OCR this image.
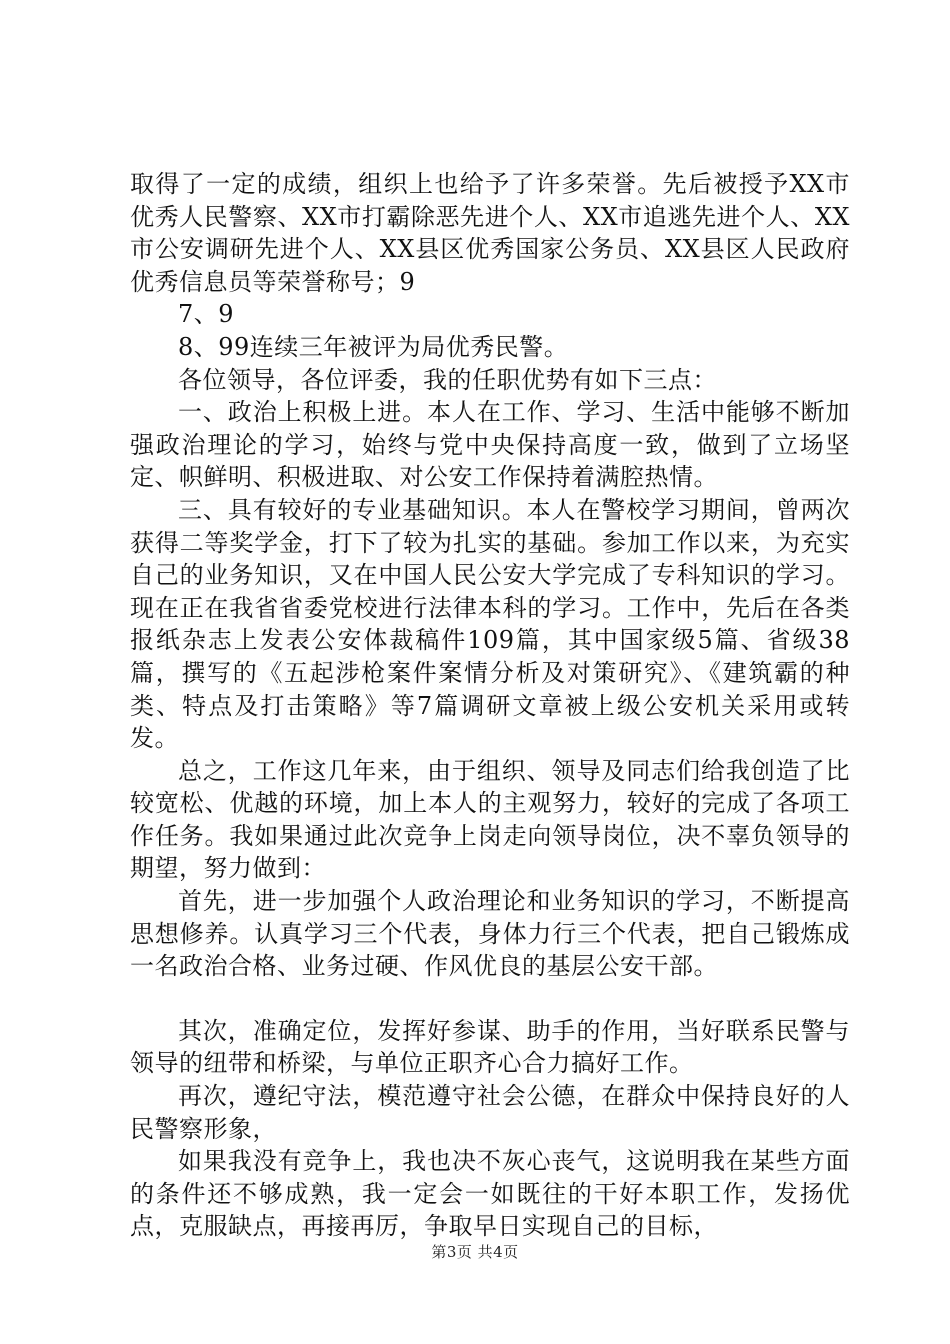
取得了一定的成绩，组织上也给予了许多荣誉。先后被授予XX市优秀人民警察、XX市打霸除恶先进个人、XX市追逃先进个人、XX市公安调研先进个人、XX县区优秀国家公务员、XX县区人民政府优秀信息员等荣誉称号；9

7、9

8、99连续三年被评为局优秀民警。

各位领导，各位评委，我的任职优势有如下三点：

一、政治上积极上进。本人在工作、学习、生活中能够不断加强政治理论的学习，始终与党中央保持高度一致，做到了立场坚定、帜鲜明、积极进取、对公安工作保持着满腔热情。

三、具有较好的专业基础知识。本人在警校学习期间，曾两次获得二等奖学金，打下了较为扎实的基础。参加工作以来，为充实自己的业务知识，又在中国人民公安大学完成了专科知识的学习。现在正在我省省委党校进行法律本科的学习。工作中，先后在各类报纸杂志上发表公安体裁稿件109篇，其中国家级5篇、省级38篇，撰写的《五起涉枪案件案情分析及对策研究》、《建筑霸的种类、特点及打击策略》等7篇调研文章被上级公安机关采用或转发。

总之，工作这几年来，由于组织、领导及同志们给我创造了比较宽松、优越的环境，加上本人的主观努力，较好的完成了各项工作任务。我如果通过此次竞争上岗走向领导岗位，决不辜负领导的期望，努力做到：

首先，进一步加强个人政治理论和业务知识的学习，不断提高思想修养。认真学习三个代表，身体力行三个代表，把自己锻炼成一名政治合格、业务过硬、作风优良的基层公安干部。

其次，准确定位，发挥好参谋、助手的作用，当好联系民警与领导的纽带和桥梁，与单位正职齐心合力搞好工作。

再次，遵纪守法，模范遵守社会公德，在群众中保持良好的人民警察形象，

如果我没有竞争上，我也决不灰心丧气，这说明我在某些方面的条件还不够成熟，我一定会一如既往的干好本职工作，发扬优点，克服缺点，再接再厉，争取早日实现自己的目标，

第3页 共4页
